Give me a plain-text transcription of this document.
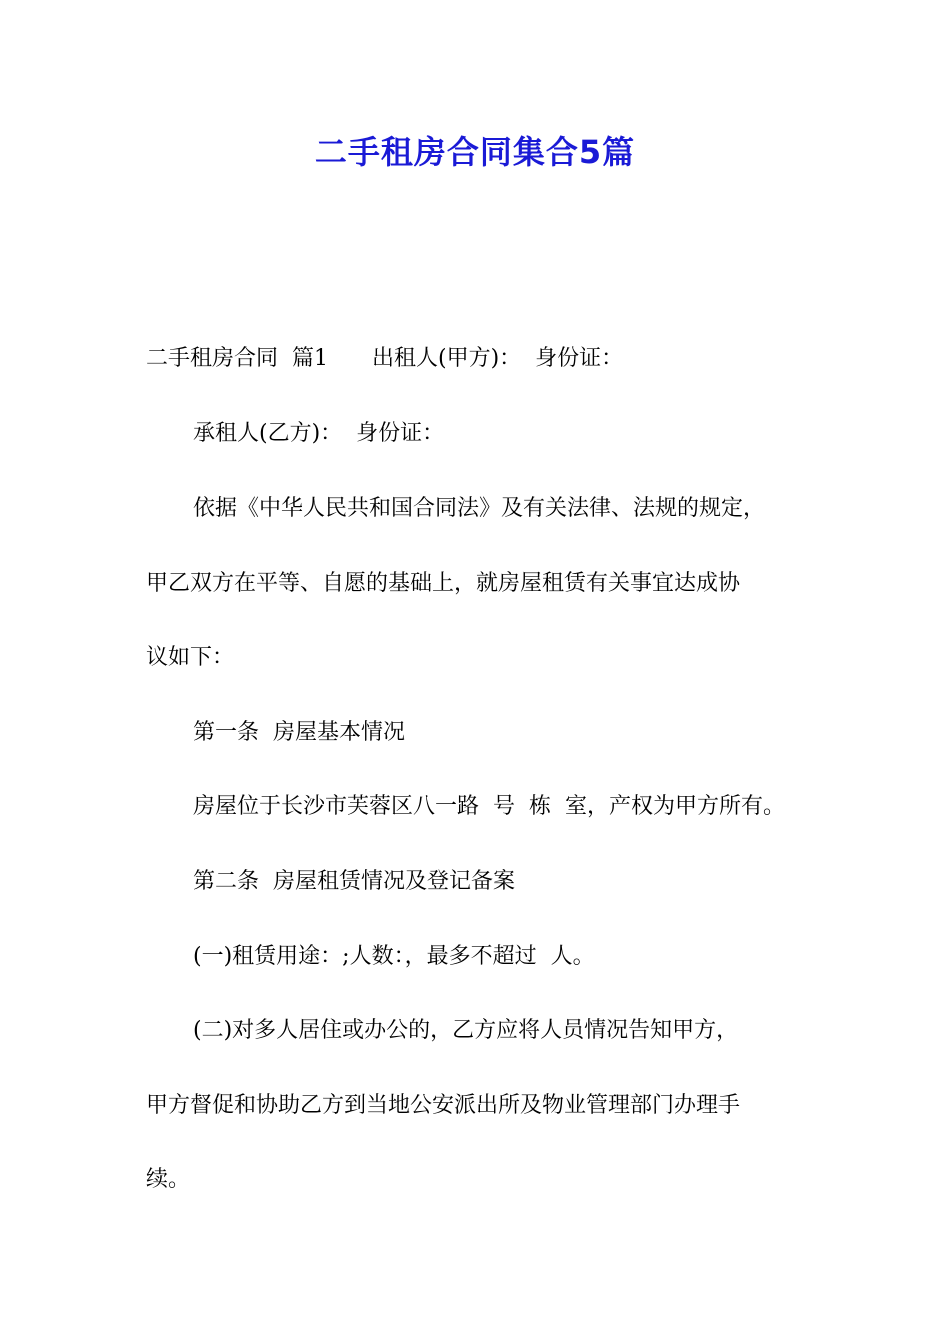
二手租房合同集合5篇
二手租房合同  篇1 出租人(甲方)：  身份证：
承租人(乙方)：  身份证：
依据《中华人民共和国合同法》及有关法律、法规的规定，
甲乙双方在平等、自愿的基础上，就房屋租赁有关事宜达成协
议如下：
第一条  房屋基本情况
房屋位于长沙市芙蓉区八一路  号  栋  室，产权为甲方所有。
第二条  房屋租赁情况及登记备案
(一)租赁用途：;人数：，最多不超过  人。
(二)对多人居住或办公的，乙方应将人员情况告知甲方，
甲方督促和协助乙方到当地公安派出所及物业管理部门办理手
续。
